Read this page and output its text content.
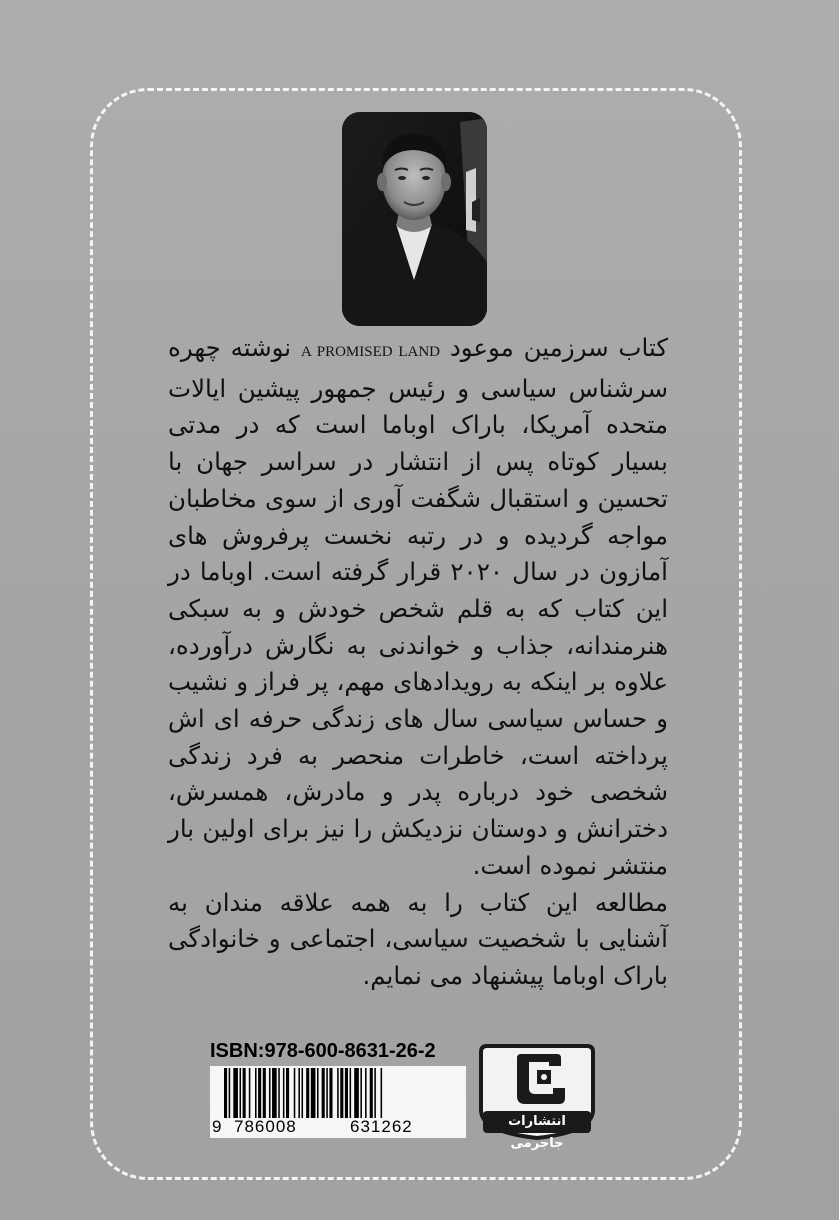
کتاب سرزمین موعود A PROMISED LAND نوشته چهره سرشناس سیاسی و رئیس جمهور پیشین ایالات متحده آمریکا، باراک اوباما است که در مدتی بسیار کوتاه پس از انتشار در سراسر جهان با تحسین و استقبال شگفت آوری از سوی مخاطبان مواجه گردیده و در رتبه نخست پرفروش های آمازون در سال ۲۰۲۰ قرار گرفته است. اوباما در این کتاب که به قلم شخص خودش و به سبکی هنرمندانه، جذاب و خواندنی به نگارش درآورده، علاوه بر اینکه به رویدادهای مهم، پر فراز و نشیب و حساس سیاسی سال های زندگی حرفه ای اش پرداخته است، خاطرات منحصر به فرد زندگی شخصی خود درباره پدر و مادرش، همسرش، دخترانش و دوستان نزدیکش را نیز برای اولین بار منتشر نموده است.

مطالعه این کتاب را به همه علاقه مندان به آشنایی با شخصیت سیاسی، اجتماعی و خانوادگی باراک اوباما پیشنهاد می نمایم.

ISBN:978-600-8631-26-2
9 786008	631262	انتشارات جاجرمی
